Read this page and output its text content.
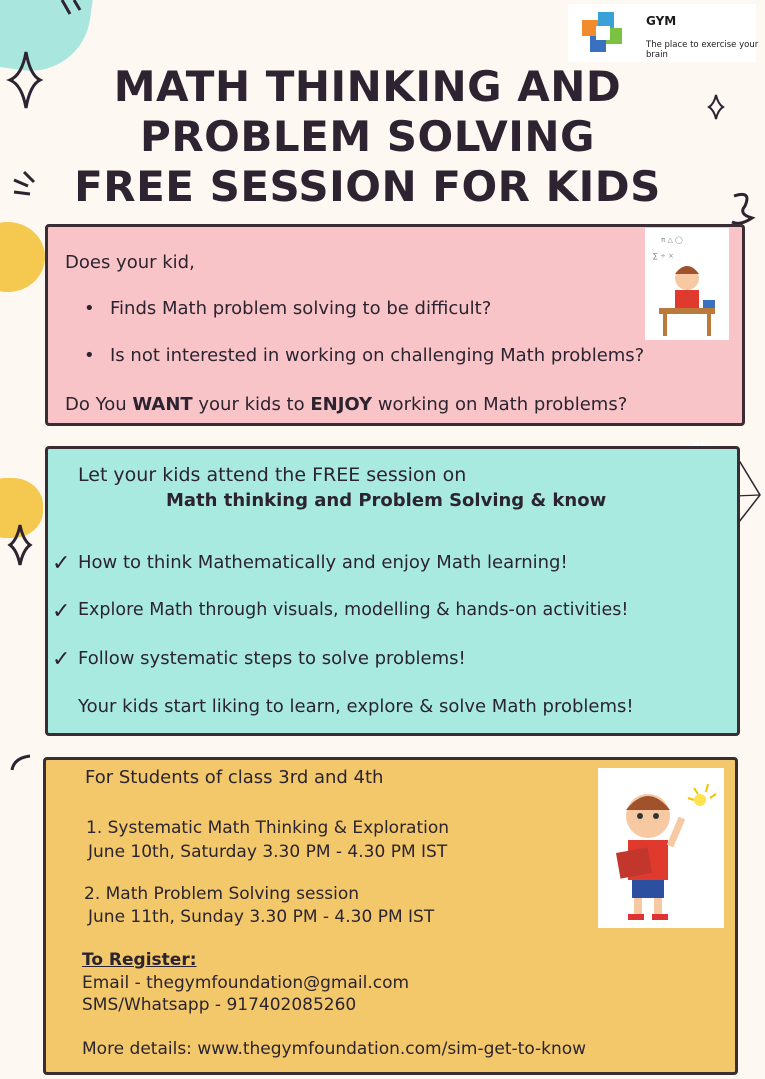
GYM
The place to exercise your brain
MATH THINKING AND
PROBLEM SOLVING
FREE SESSION FOR KIDS
Does your kid,
• Finds Math problem solving to be difficult?
• Is not interested in working on challenging Math problems?
Do You WANT your kids to ENJOY working on Math problems?
π △ ◯
∑ ÷ ×
Let your kids attend the FREE session on
Math thinking and Problem Solving & know
✓ How to think Mathematically and enjoy Math learning!
✓ Explore Math through visuals, modelling & hands-on activities!
✓ Follow systematic steps to solve problems!
Your kids start liking to learn, explore & solve Math problems!
For Students of class 3rd and 4th
1. Systematic Math Thinking & Exploration
June 10th, Saturday 3.30 PM - 4.30 PM IST
2. Math Problem Solving session
June 11th, Sunday 3.30 PM - 4.30 PM IST
To Register:
Email - thegymfoundation@gmail.com
SMS/Whatsapp - 917402085260
More details: www.thegymfoundation.com/sim-get-to-know
